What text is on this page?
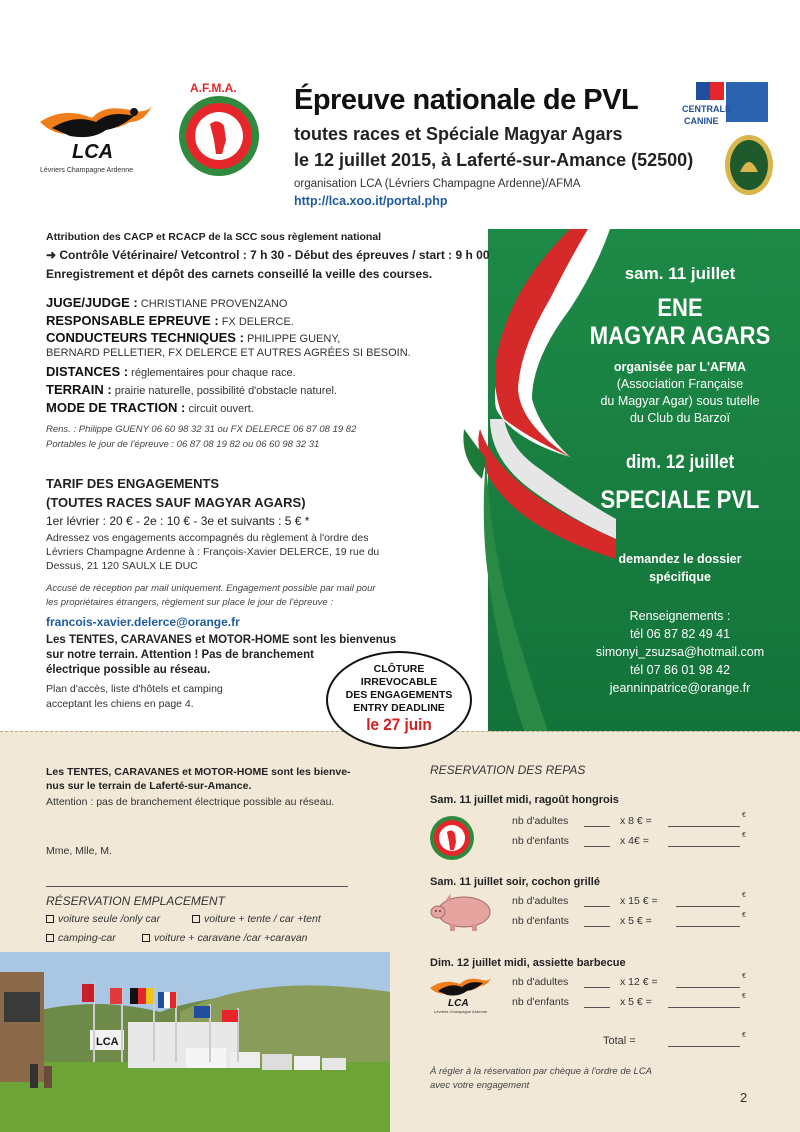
LCA
Lévriers Champagne Ardenne
A.F.M.A.
CENTRALE
CANINE
Épreuve nationale de PVL
toutes races et Spéciale Magyar Agars
le 12 juillet 2015, à Laferté-sur-Amance (52500)
organisation LCA (Lévriers Champagne Ardenne)/AFMA
http://lca.xoo.it/portal.php
sam. 11 juillet
ENE
MAGYAR AGARS
organisée par L'AFMA
(Association Française
du Magyar Agar) sous tutelle
du Club du Barzoï
dim. 12 juillet
SPECIALE PVL
demandez le dossier
spécifique
Renseignements :
tél 06 87 82 49 41
simonyi_zsuzsa@hotmail.com
tél 07 86 01 98 42
jeanninpatrice@orange.fr
Attribution des CACP et RCACP de la SCC sous règlement national
➜ Contrôle Vétérinaire/ Vetcontrol : 7 h 30 - Début des épreuves / start : 9 h 00
Enregistrement et dépôt des carnets conseillé la veille des courses.
JUGE/JUDGE : CHRISTIANE PROVENZANO
RESPONSABLE EPREUVE : FX DELERCE.
CONDUCTEURS TECHNIQUES : PHILIPPE GUENY,
BERNARD PELLETIER, FX DELERCE ET AUTRES AGRÉES SI BESOIN.
DISTANCES : réglementaires pour chaque race.
TERRAIN : prairie naturelle, possibilité d'obstacle naturel.
MODE DE TRACTION : circuit ouvert.
Rens. : Philippe GUENY 06 60 98 32 31 ou FX DELERCE 06 87 08 19 82
Portables le jour de l'épreuve : 06 87 08 19 82 ou 06 60 98 32 31
TARIF DES ENGAGEMENTS
(TOUTES RACES SAUF MAGYAR AGARS)
1er lévrier : 20 € - 2e : 10 € - 3e et suivants : 5 € *
Adressez vos engagements accompagnés du règlement à l'ordre des
Lévriers Champagne Ardenne à : François-Xavier DELERCE, 19 rue du
Dessus, 21 120 SAULX LE DUC
Accusé de réception par mail uniquement. Engagement possible par mail pour
les propriétaires étrangers, règlement sur place le jour de l'épreuve :
francois-xavier.delerce@orange.fr
Les TENTES, CARAVANES et MOTOR-HOME sont les bienvenus
sur notre terrain. Attention ! Pas de branchement
électrique possible au réseau.
Plan d'accès, liste d'hôtels et camping
acceptant les chiens en page 4.
CLÔTURE
IRREVOCABLE
DES ENGAGEMENTS
ENTRY DEADLINE
le 27 juin
Les TENTES, CARAVANES et MOTOR-HOME sont les bienve-
nus sur le terrain de Laferté-sur-Amance.
Attention : pas de branchement électrique possible au réseau.
Mme, Mlle, M.
RÉSERVATION EMPLACEMENT
voiture seule /only car	voiture + tente / car +tent
camping-car	voiture + caravane /car +caravan
LCA
RESERVATION DES REPAS
Sam. 11 juillet midi, ragoût hongrois
nb d'adultes	x 8 € =	€
nb d'enfants	x 4€ =	€
Sam. 11 juillet soir, cochon grillé
nb d'adultes	x 15 € =	€
nb d'enfants	x 5 € =	€
Dim. 12 juillet midi, assiette barbecue
LCA
Lévriers Champagne Ardenne
nb d'adultes	x 12 € =	€
nb d'enfants	x 5 € =	€
Total =	€
À régler à la réservation par chèque à l'ordre de LCA
avec votre engagement
2
